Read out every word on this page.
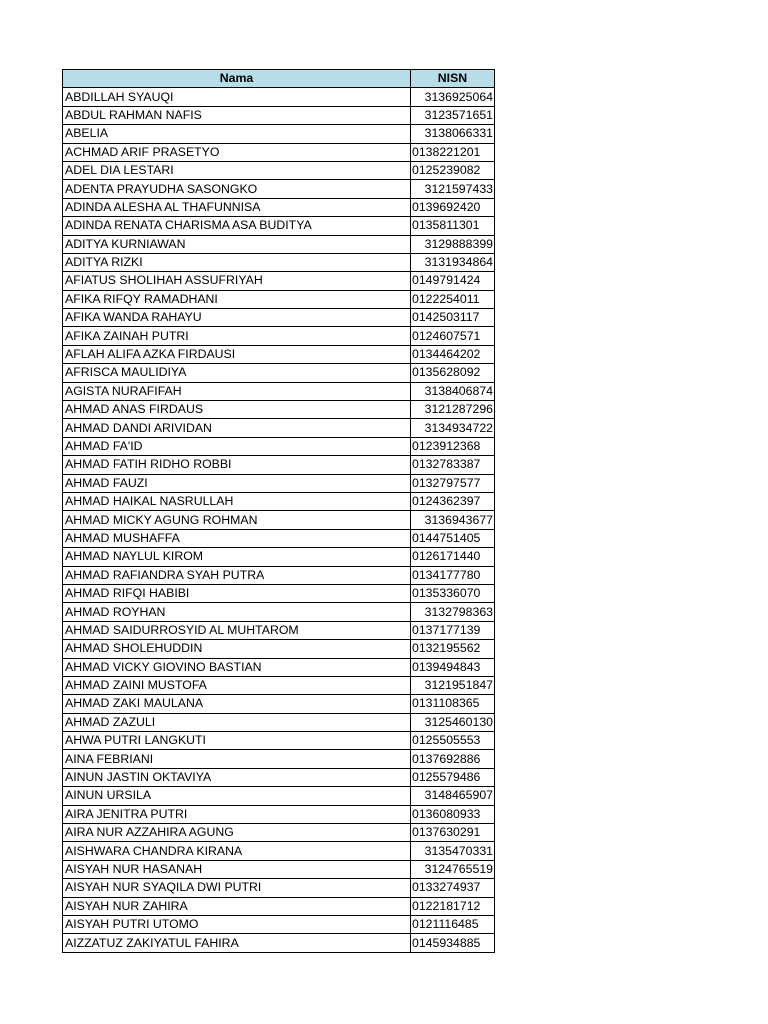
Nama	NISN
ABDILLAH SYAUQI	3136925064
ABDUL RAHMAN NAFIS	3123571651
ABELIA	3138066331
ACHMAD ARIF PRASETYO	0138221201
ADEL DIA LESTARI	0125239082
ADENTA PRAYUDHA SASONGKO	3121597433
ADINDA ALESHA AL THAFUNNISA	0139692420
ADINDA RENATA CHARISMA ASA BUDITYA	0135811301
ADITYA KURNIAWAN	3129888399
ADITYA RIZKI	3131934864
AFIATUS SHOLIHAH ASSUFRIYAH	0149791424
AFIKA RIFQY RAMADHANI	0122254011
AFIKA WANDA RAHAYU	0142503117
AFIKA ZAINAH PUTRI	0124607571
AFLAH ALIFA AZKA FIRDAUSI	0134464202
AFRISCA MAULIDIYA	0135628092
AGISTA NURAFIFAH	3138406874
AHMAD ANAS FIRDAUS	3121287296
AHMAD DANDI ARIVIDAN	3134934722
AHMAD FA'ID	0123912368
AHMAD FATIH RIDHO ROBBI	0132783387
AHMAD FAUZI	0132797577
AHMAD HAIKAL NASRULLAH	0124362397
AHMAD MICKY AGUNG ROHMAN	3136943677
AHMAD MUSHAFFA	0144751405
AHMAD NAYLUL KIROM	0126171440
AHMAD RAFIANDRA SYAH PUTRA	0134177780
AHMAD RIFQI HABIBI	0135336070
AHMAD ROYHAN	3132798363
AHMAD SAIDURROSYID AL MUHTAROM	0137177139
AHMAD SHOLEHUDDIN	0132195562
AHMAD VICKY GIOVINO BASTIAN	0139494843
AHMAD ZAINI MUSTOFA	3121951847
AHMAD ZAKI MAULANA	0131108365
AHMAD ZAZULI	3125460130
AHWA PUTRI LANGKUTI	0125505553
AINA FEBRIANI	0137692886
AINUN JASTIN OKTAVIYA	0125579486
AINUN URSILA	3148465907
AIRA JENITRA PUTRI	0136080933
AIRA NUR AZZAHIRA AGUNG	0137630291
AISHWARA CHANDRA KIRANA	3135470331
AISYAH NUR HASANAH	3124765519
AISYAH NUR SYAQILA DWI PUTRI	0133274937
AISYAH NUR ZAHIRA	0122181712
AISYAH PUTRI UTOMO	0121116485
AIZZATUZ ZAKIYATUL FAHIRA	0145934885
